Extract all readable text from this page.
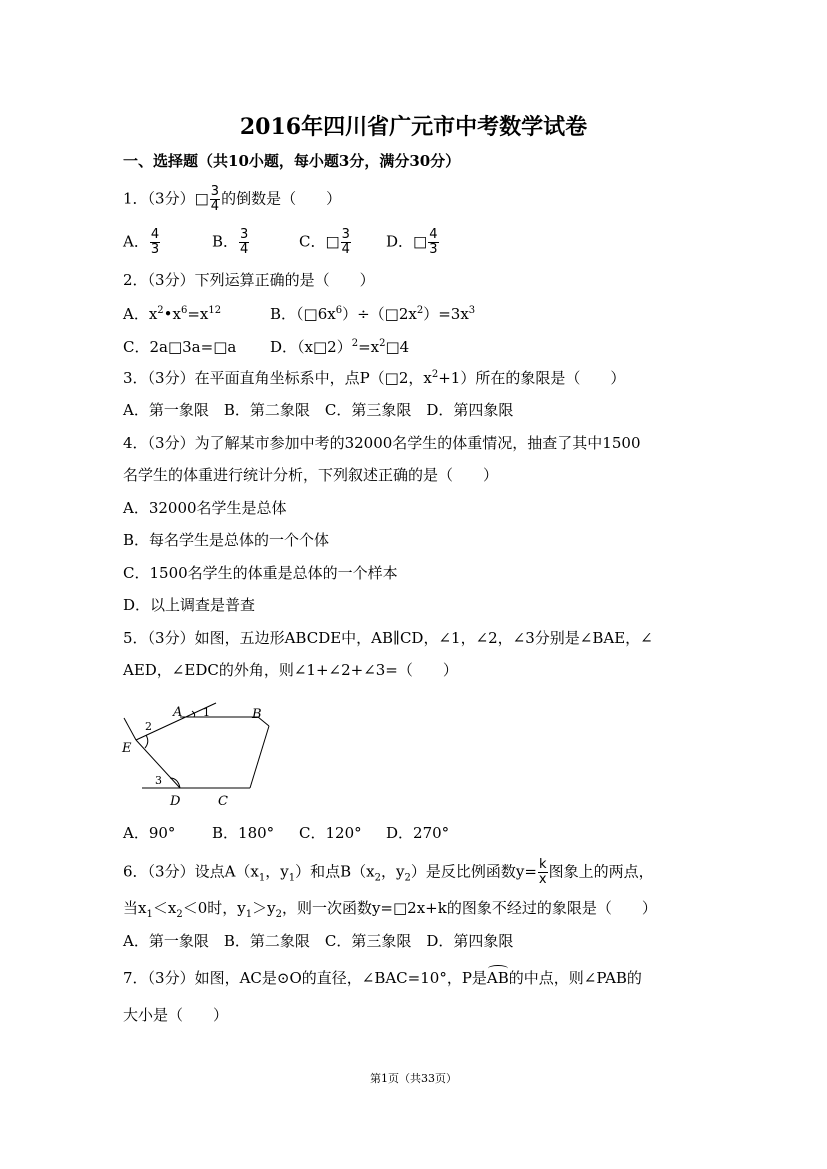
2016年四川省广元市中考数学试卷
一、选择题（共10小题，每小题3分，满分30分）
1．（3分）□ $\frac{3}{4}$ 的倒数是（　　）
A． $\frac{4}{3}$	B． $\frac{3}{4}$	C．□ $\frac{3}{4}$ D．□ $\frac{4}{3}$
2．（3分）下列运算正确的是（　　）
A．$x^2•x^6=x^{12}$	B．$(□6x^6)\div(□2x^2)=3x^3$
C．2a□3a=□a D．$(x□2)^2=x^2□4$
3．（3分）在平面直角坐标系中，点P（□2，$x^2+1$）所在的象限是（　　）
A．第一象限　B．第二象限　C．第三象限　D．第四象限
4．（3分）为了解某市参加中考的32000名学生的体重情况，抽查了其中1500
名学生的体重进行统计分析，下列叙述正确的是（　　）
A．32000名学生是总体
B．每名学生是总体的一个个体
C．1500名学生的体重是总体的一个样本
D．以上调查是普查
5．（3分）如图，五边形ABCDE中，AB∥CD，∠1，∠2，∠3分别是∠BAE，∠
AED，∠EDC的外角，则∠1+∠2+∠3=（　　）
A	B
C
D
E
1
2
3
A．90° B．180° C．120° D．270°
6．（3分）设点$A(x_1$，$y_1$）和点$B(x_2$，$y_2$）是反比例函数$y= \frac{k}{x}$ 图象上的两点，
当$x_1<x_2<0$时，$y_1>y_2$，则一次函数y=□2x+k的图象不经过的象限是（　　）
A．第一象限　B．第二象限　C．第三象限　D．第四象限
7．（3分）如图，AC是⊙O的直径，∠BAC=10°，P是AB的中点，则∠PAB的
大小是（　　）
第1页（共33页）
